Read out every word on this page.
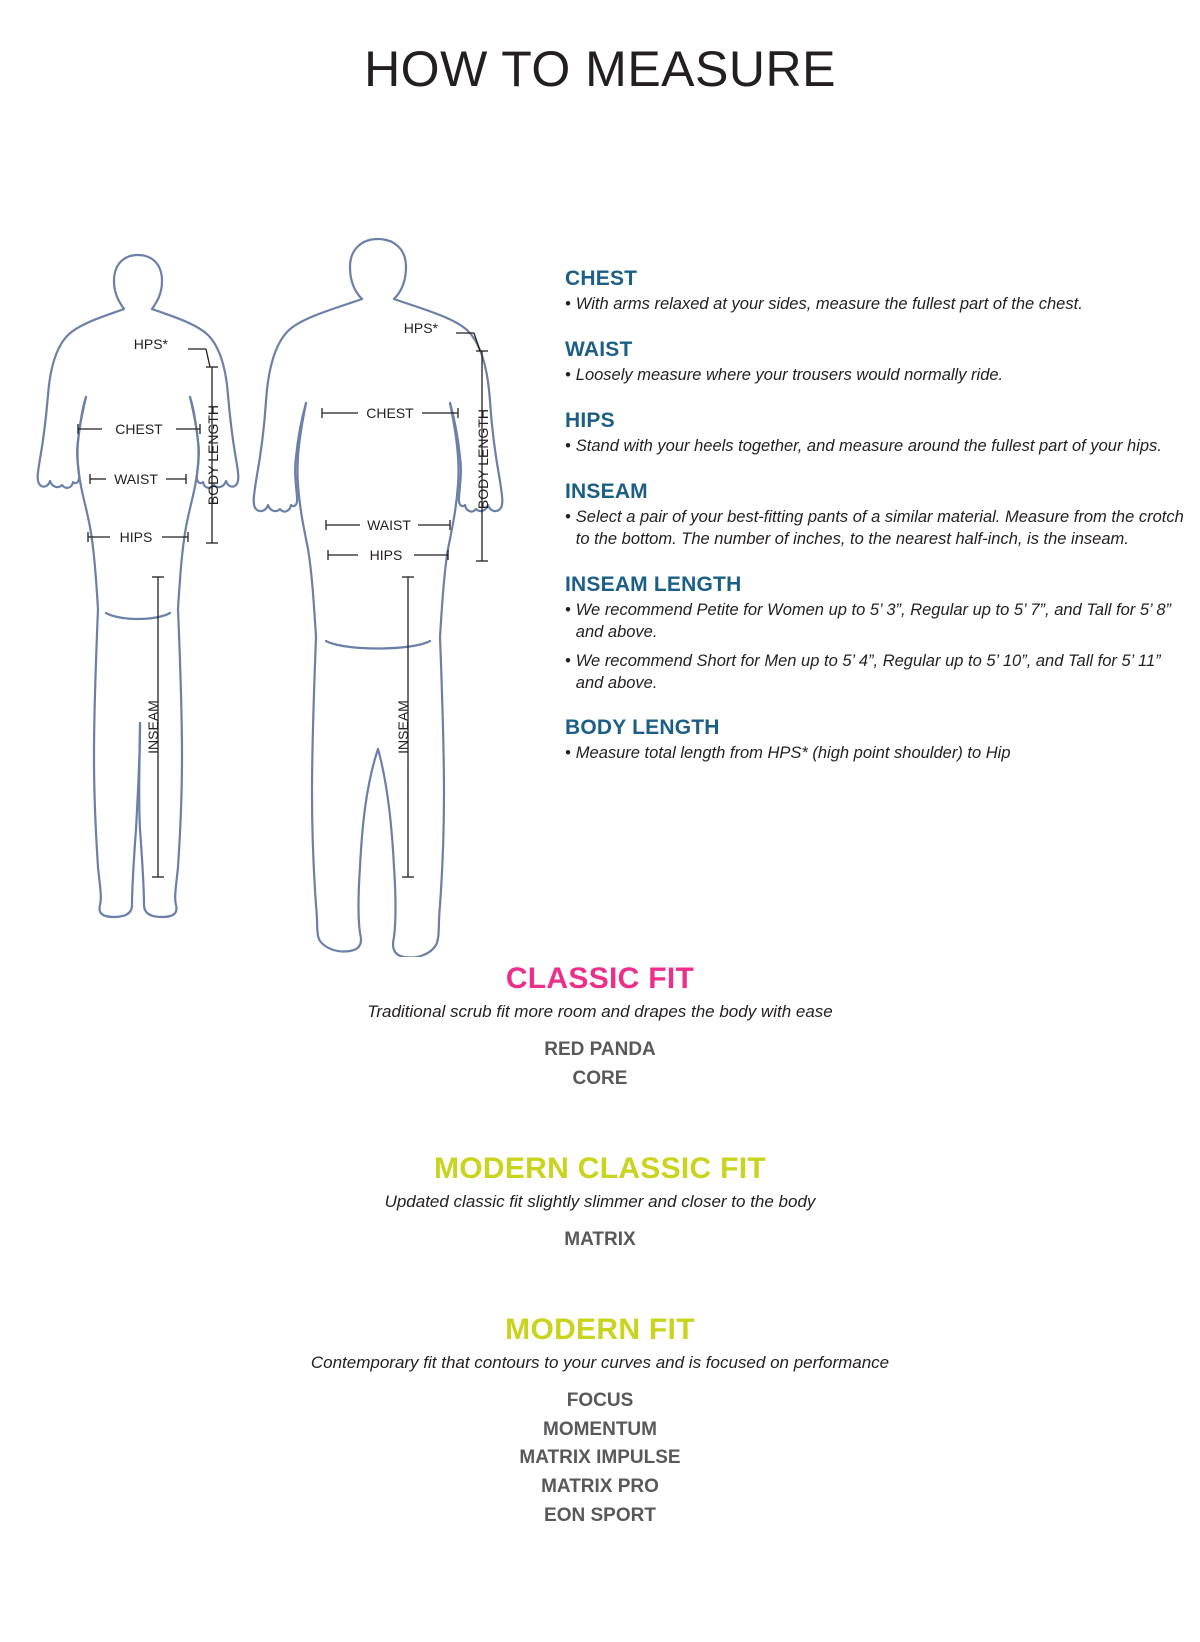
HOW TO MEASURE
HPS*
CHEST
WAIST
HIPS
BODY LENGTH
INSEAM
HPS*
CHEST
WAIST
HIPS
BODY LENGTH
INSEAM
CHEST
• With arms relaxed at your sides, measure the fullest part of the chest.
WAIST
• Loosely measure where your trousers would normally ride.
HIPS
• Stand with your heels together, and measure around the fullest part of your hips.
INSEAM
• Select a pair of your best-fitting pants of a similar material. Measure from the crotch to the bottom. The number of inches, to the nearest half-inch, is the inseam.
INSEAM LENGTH
• We recommend Petite for Women up to 5’ 3”, Regular up to 5’ 7”, and Tall for 5’ 8” and above.
• We recommend Short for Men up to 5’ 4”, Regular up to 5’ 10”, and Tall for 5’ 11” and above.
BODY LENGTH
• Measure total length from HPS* (high point shoulder) to Hip
CLASSIC FIT
Traditional scrub fit more room and drapes the body with ease
RED PANDA
CORE
MODERN CLASSIC FIT
Updated classic fit slightly slimmer and closer to the body
MATRIX
MODERN FIT
Contemporary fit that contours to your curves and is focused on performance
FOCUS
MOMENTUM
MATRIX IMPULSE
MATRIX PRO
EON SPORT
